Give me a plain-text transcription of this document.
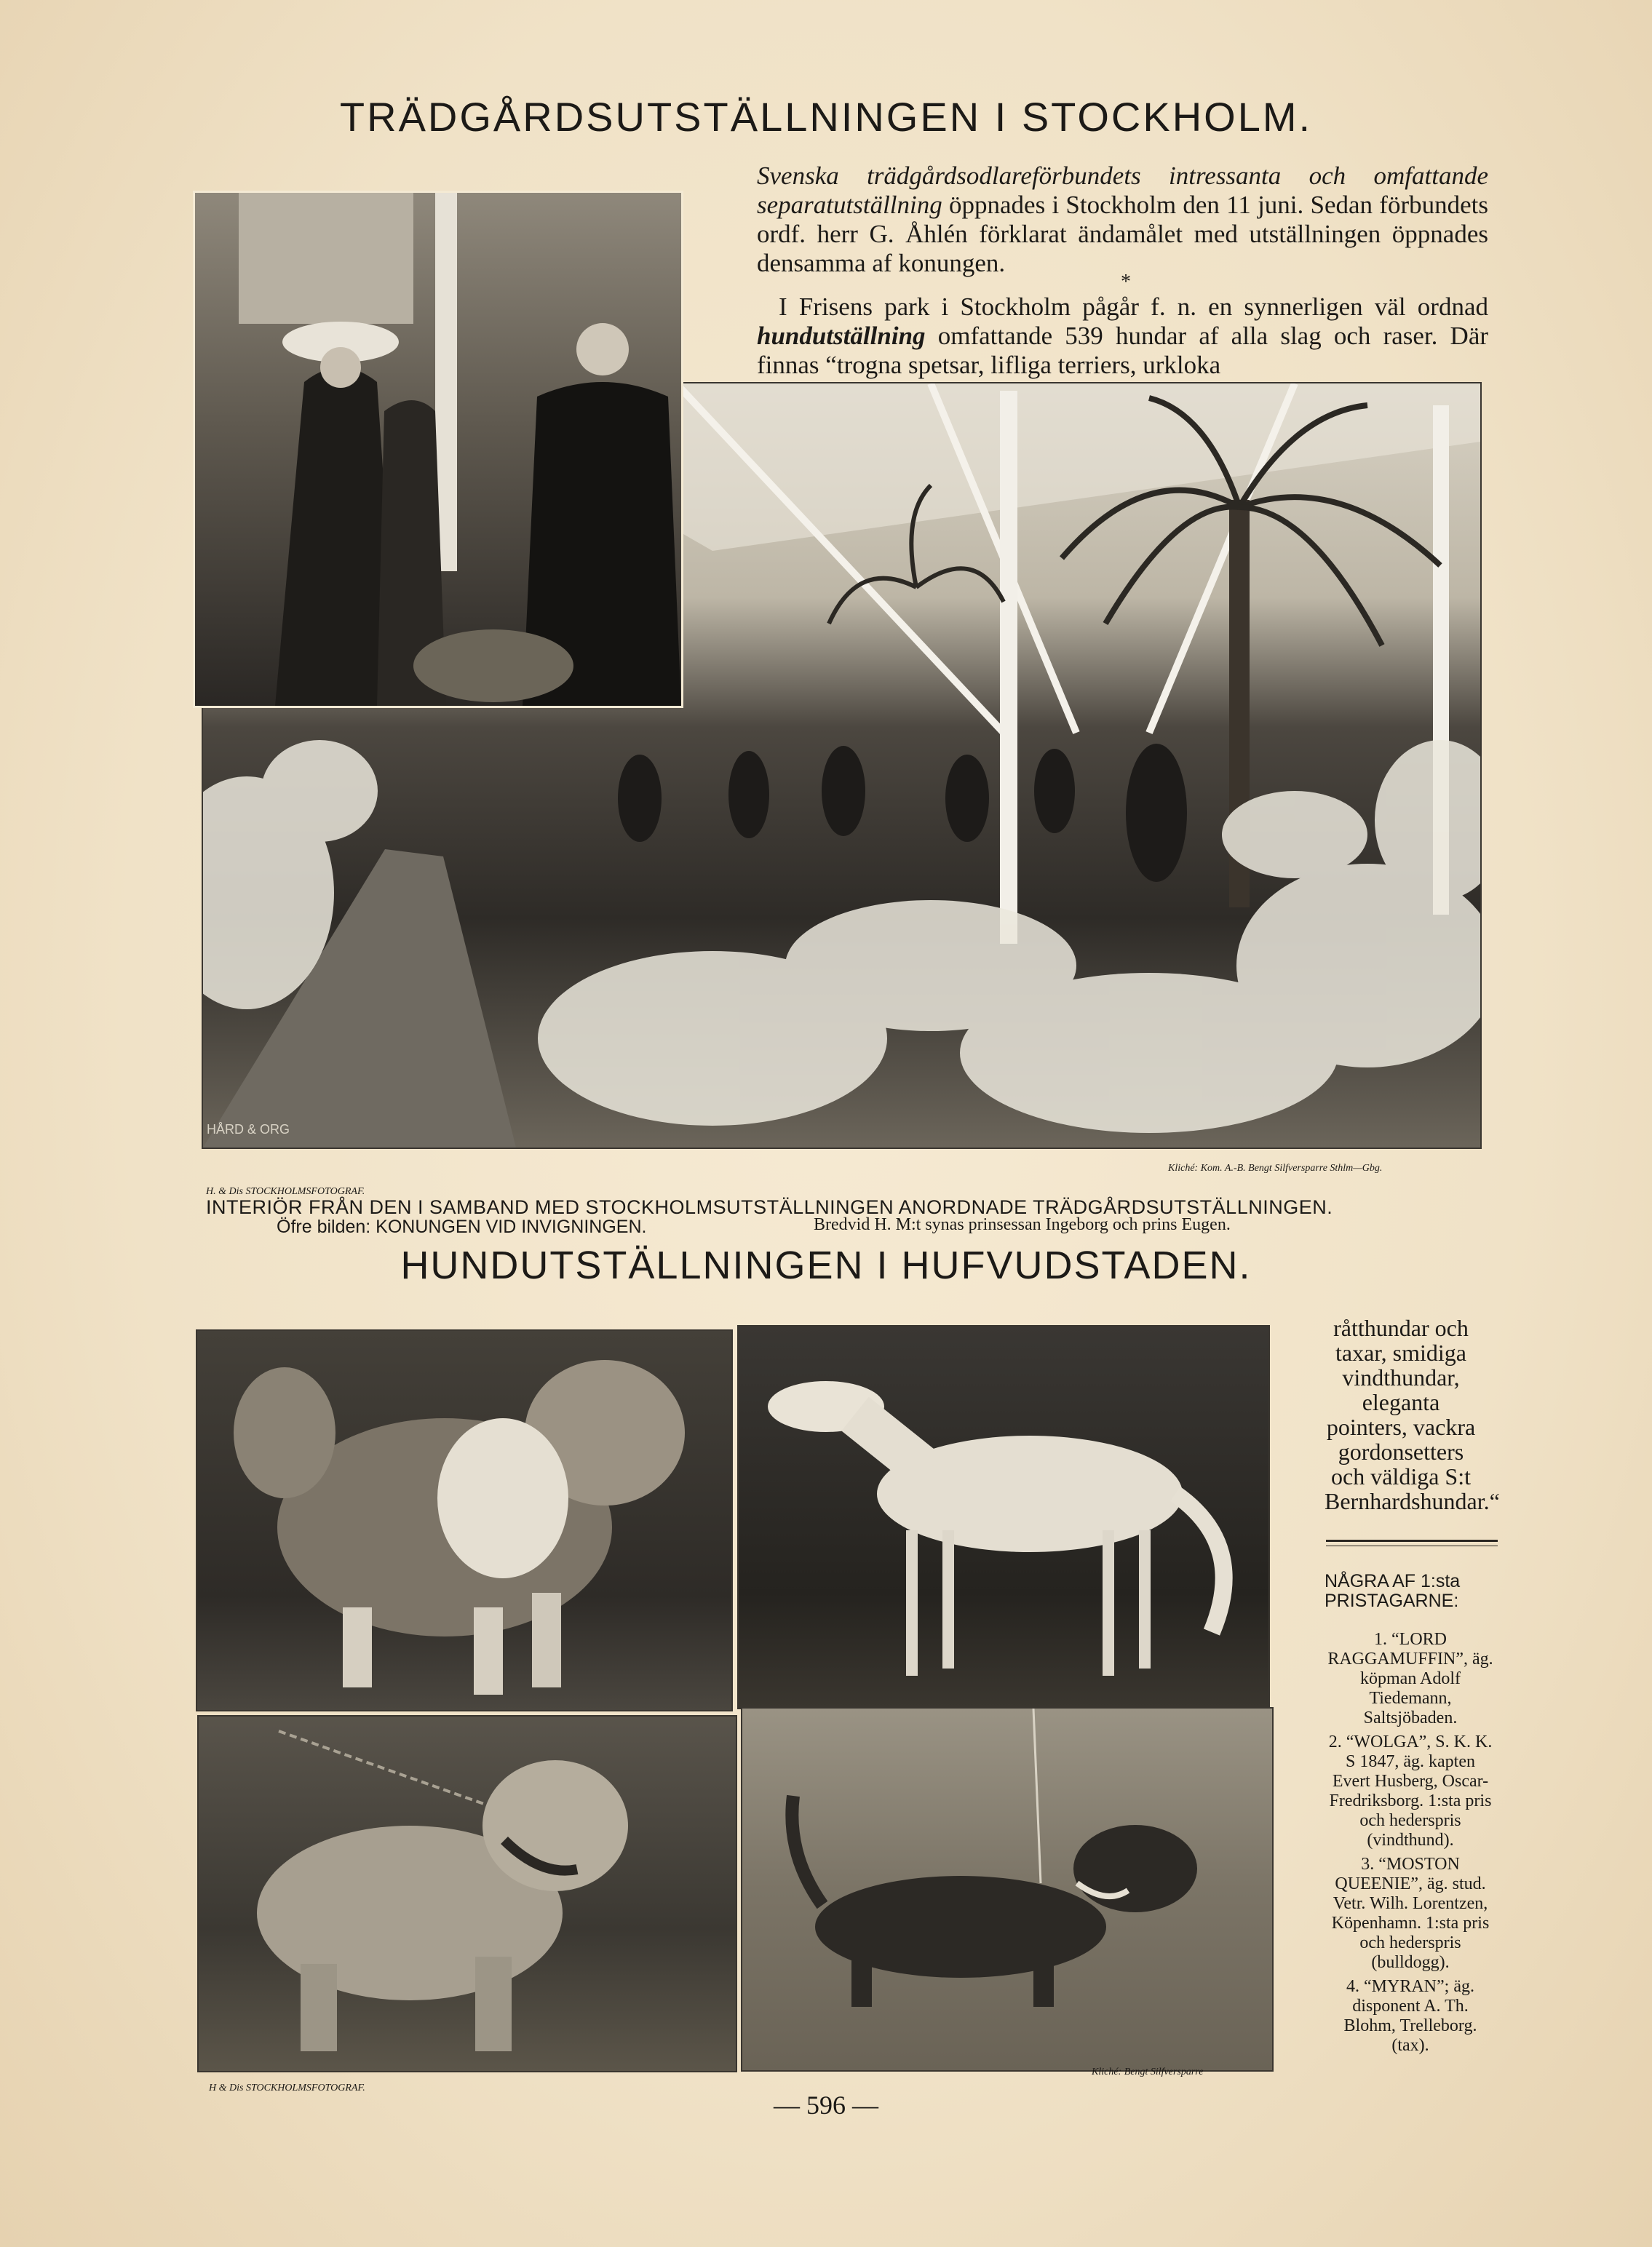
TRÄDGÅRDSUTSTÄLLNINGEN I STOCKHOLM.
Svenska trädgårdsodlareförbundets intressanta och omfattande separatutställning öppnades i Stockholm den 11 juni. Sedan förbundets ordf. herr G. Åhlén förklarat ändamålet med utställningen öppnades densamma af konungen.
*
I Frisens park i Stockholm pågår f. n. en synnerligen väl ordnad hundutställning omfattande 539 hundar af alla slag och raser. Där finnas “trogna spetsar, lifliga terriers, urkloka
HÅRD & ORG
Kliché: Kom. A.-B. Bengt Silfversparre Sthlm—Gbg.
H. & Dis STOCKHOLMSFOTOGRAF.
INTERIÖR FRÅN DEN I SAMBAND MED STOCKHOLMSUTSTÄLLNINGEN ANORDNADE TRÄDGÅRDSUTSTÄLLNINGEN.
Öfre bilden: KONUNGEN VID INVIGNINGEN.	Bredvid H. M:t synas prinsessan Ingeborg och prins Eugen.
HUNDUTSTÄLLNINGEN I HUFVUDSTADEN.
H & Dis STOCKHOLMSFOTOGRAF.
Kliché: Bengt Silfversparre
råtthundar och taxar, smidiga vindthundar, eleganta pointers, vackra gordonsetters och väldiga S:t Bernhardshundar.“
NÅGRA AF 1:sta PRISTAGARNE:
1. “LORD RAGGAMUFFIN”, äg. köpman Adolf Tiedemann, Saltsjöbaden.
2. “WOLGA”, S. K. K. S 1847, äg. kapten Evert Husberg, Oscar-Fredriksborg. 1:sta pris och hederspris (vindthund).
3. “MOSTON QUEENIE”, äg. stud. Vetr. Wilh. Lorentzen, Köpenhamn. 1:sta pris och hederspris (bulldogg).
4. “MYRAN”; äg. disponent A. Th. Blohm, Trelleborg. (tax).
— 596 —
